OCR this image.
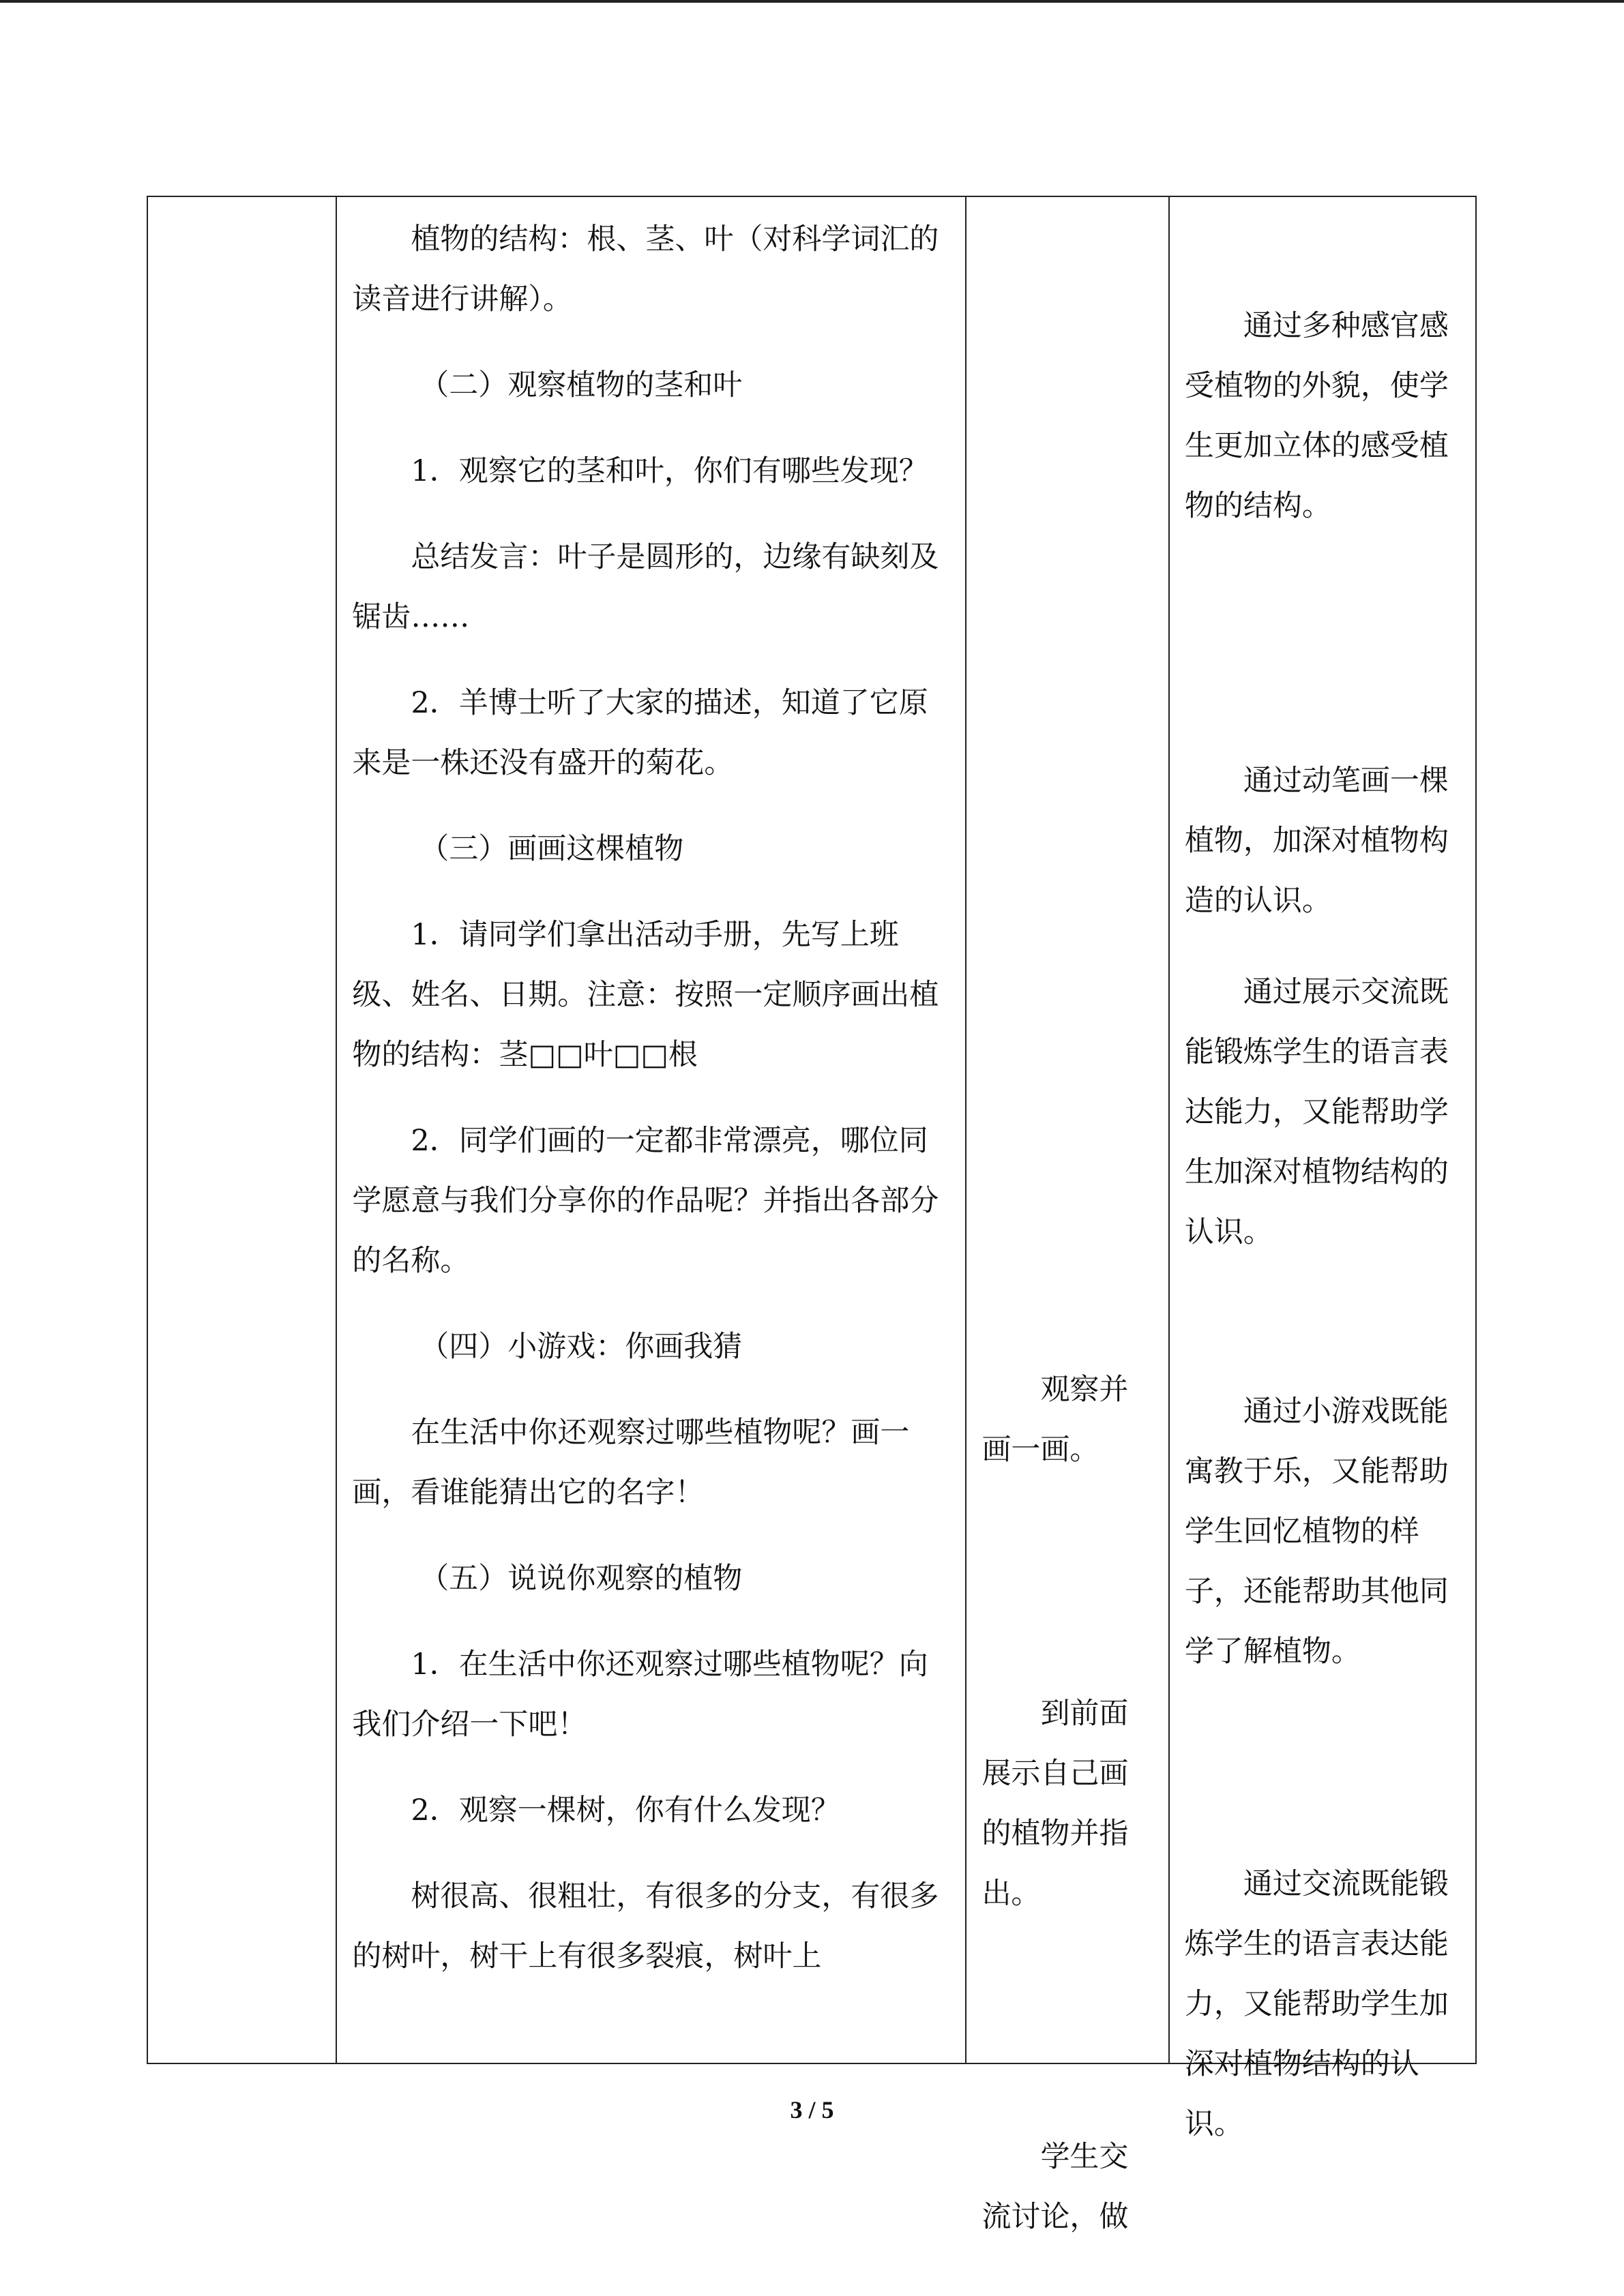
植物的结构：根、茎、叶（对科学词汇的读音进行讲解）。

（二）观察植物的茎和叶

1．观察它的茎和叶，你们有哪些发现？

总结发言：叶子是圆形的，边缘有缺刻及锯齿……

2．羊博士听了大家的描述，知道了它原来是一株还没有盛开的菊花。

（三）画画这棵植物

1．请同学们拿出活动手册，先写上班级、姓名、日期。注意：按照一定顺序画出植物的结构：茎□□叶□□根

2．同学们画的一定都非常漂亮，哪位同学愿意与我们分享你的作品呢？并指出各部分的名称。

（四）小游戏：你画我猜

在生活中你还观察过哪些植物呢？画一画，看谁能猜出它的名字！

（五）说说你观察的植物

1．在生活中你还观察过哪些植物呢？向我们介绍一下吧！

2．观察一棵树，你有什么发现？

树很高、很粗壮，有很多的分支，有很多的树叶，树干上有很多裂痕，树叶上

观察并画一画。

到前面展示自己画的植物并指出。

学生交流讨论，做

通过多种感官感受植物的外貌，使学生更加立体的感受植物的结构。

通过动笔画一棵植物，加深对植物构造的认识。

通过展示交流既能锻炼学生的语言表达能力，又能帮助学生加深对植物结构的认识。

通过小游戏既能寓教于乐，又能帮助学生回忆植物的样子，还能帮助其他同学了解植物。

通过交流既能锻炼学生的语言表达能力，又能帮助学生加深对植物结构的认识。

3 / 5
